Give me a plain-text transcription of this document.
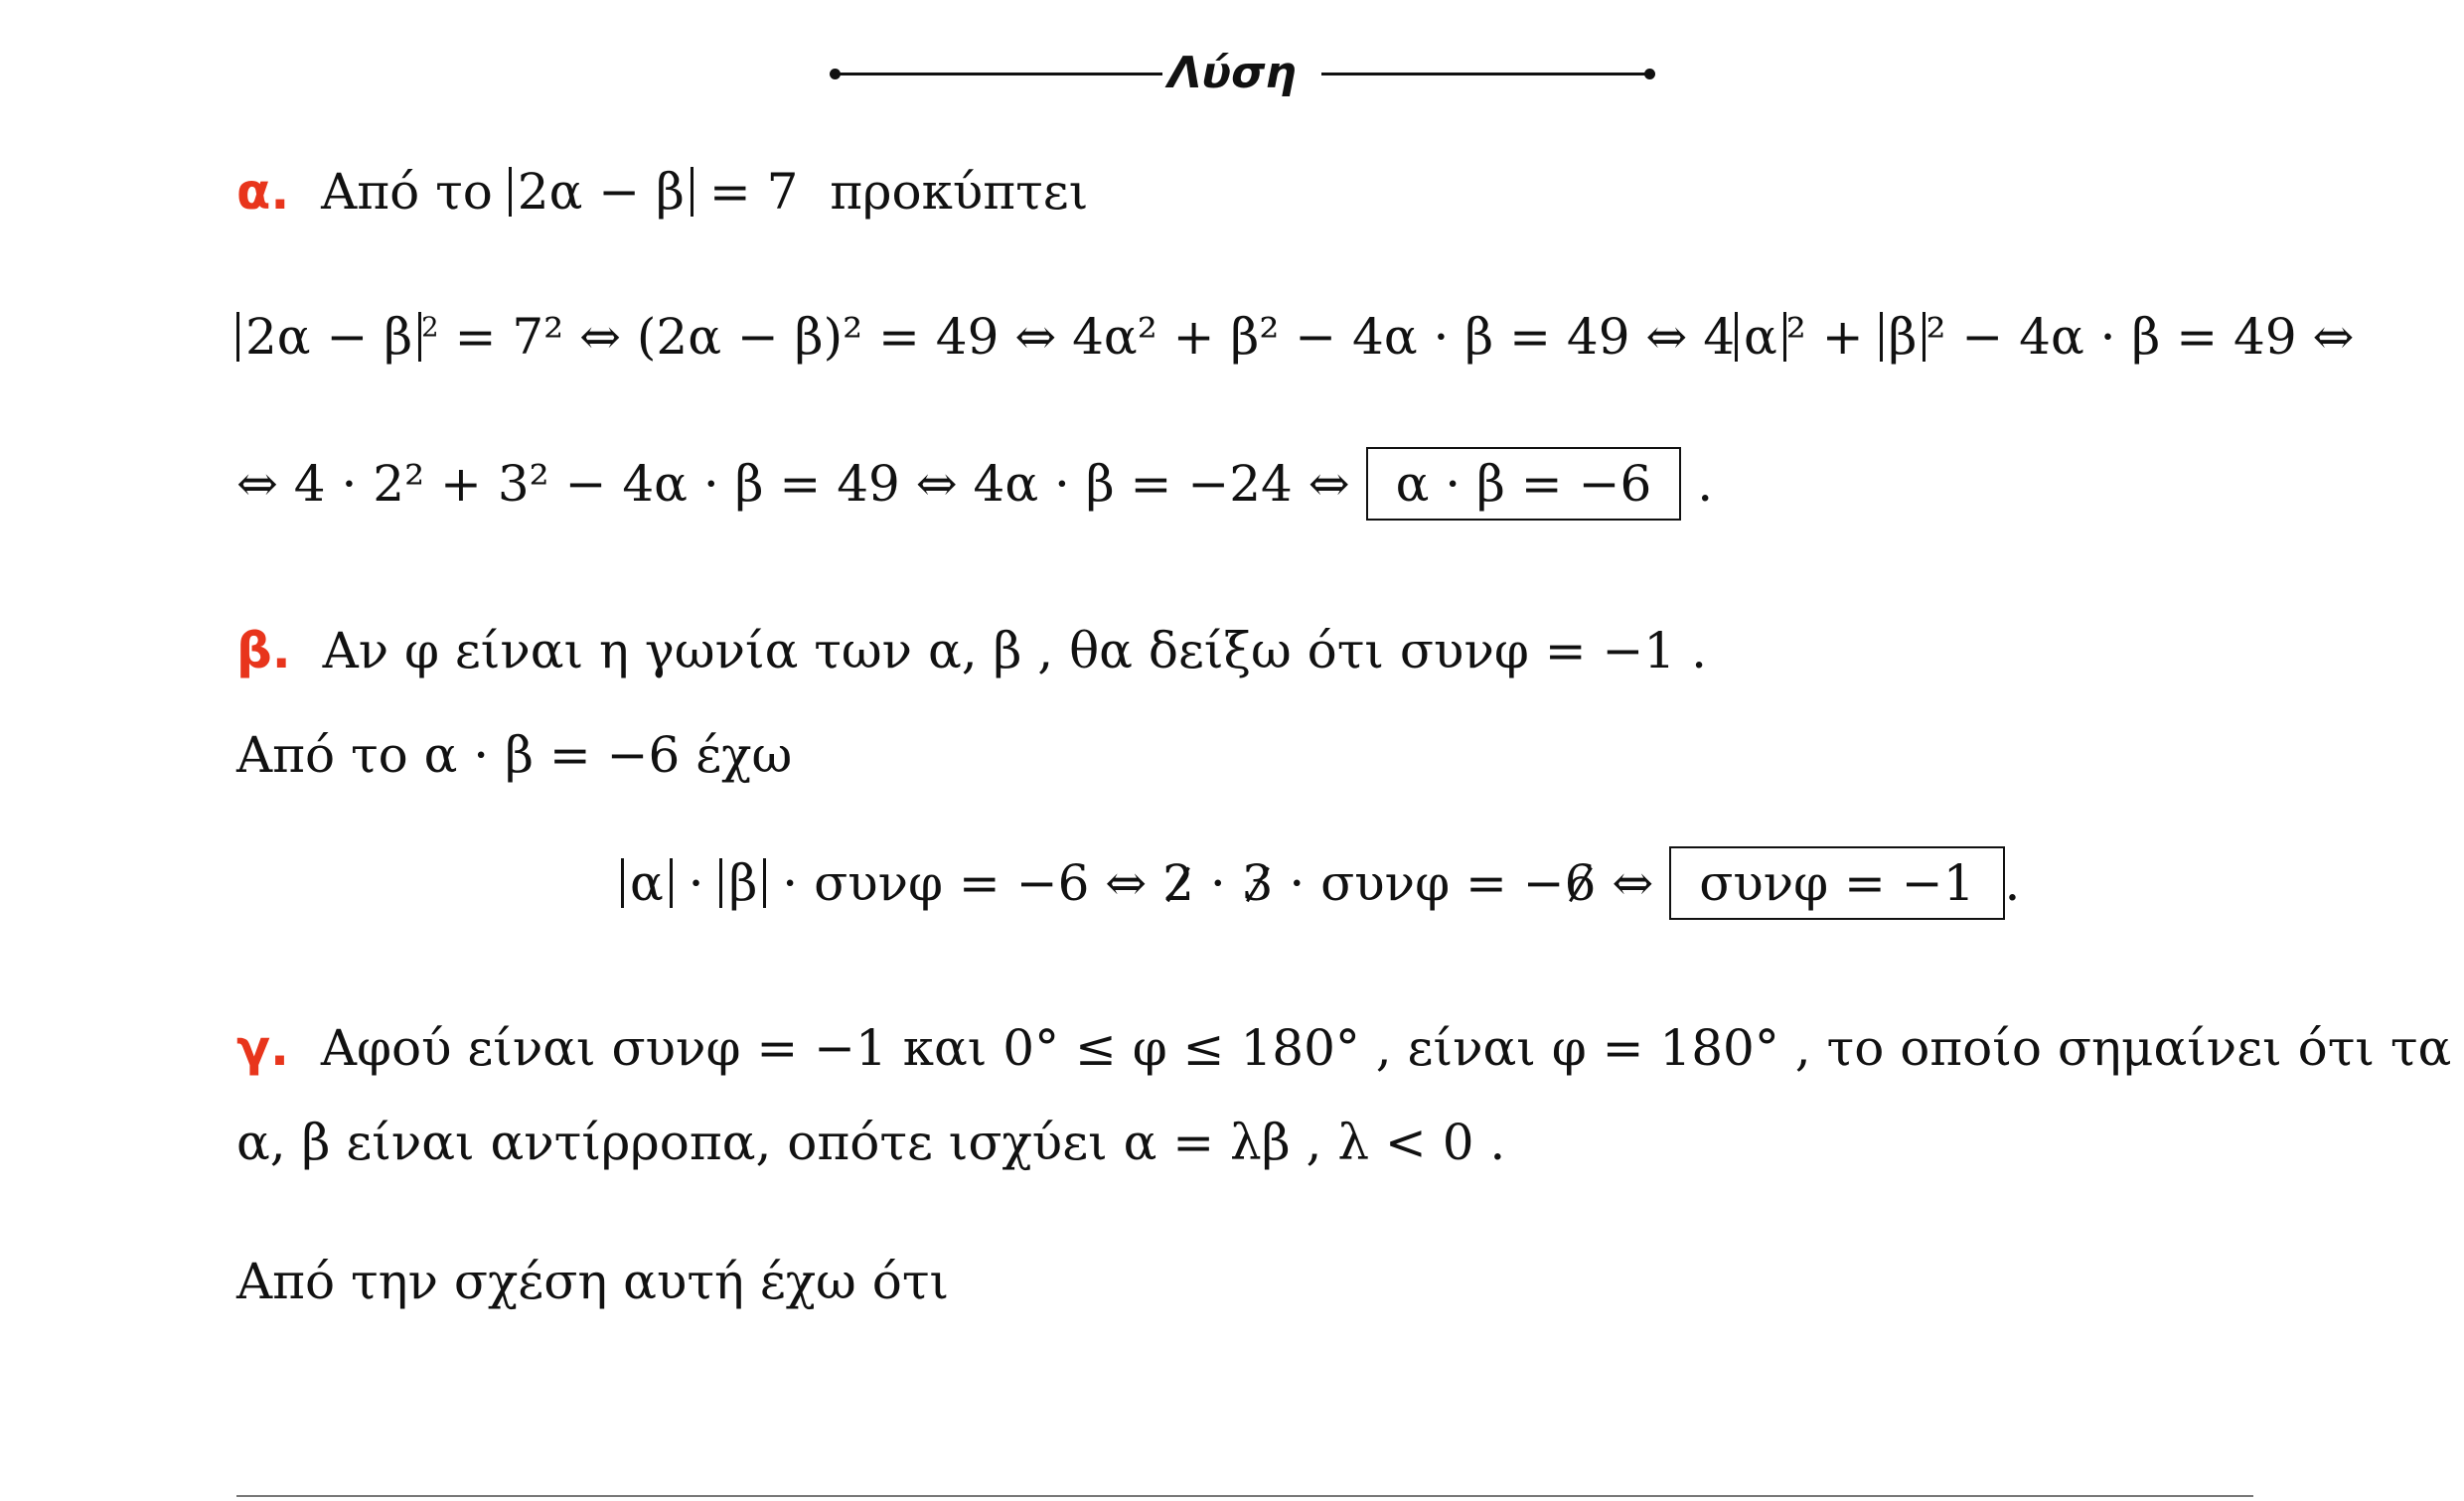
Λύση
α. Από το 2α − β = 7 προκύπτει
2α − β $^2$ = 7² ⇔ (2α − β)² = 49 ⇔ 4α² + β² − 4α · β = 49 ⇔ 4 α ² + β ² − 4α · β = 49 ⇔
⇔ 4 · 2² + 3² − 4α · β = 49 ⇔ 4α · β = −24 ⇔ α · β = −6 .
β. Αν φ είναι η γωνία των α, β , θα δείξω ότι συνφ = −1 .
Από το α · β = −6 έχω
α · β · συνφ = −6 ⇔ 2 · 3 · συνφ = −6 ⇔ συνφ = −1 .
γ. Αφού είναι συνφ = −1 και 0° ≤ φ ≤ 180° , είναι φ = 180° , το οποίο σημαίνει ότι τα
α, β είναι αντίρροπα, οπότε ισχύει α = λβ , λ < 0 .
Από την σχέση αυτή έχω ότι
